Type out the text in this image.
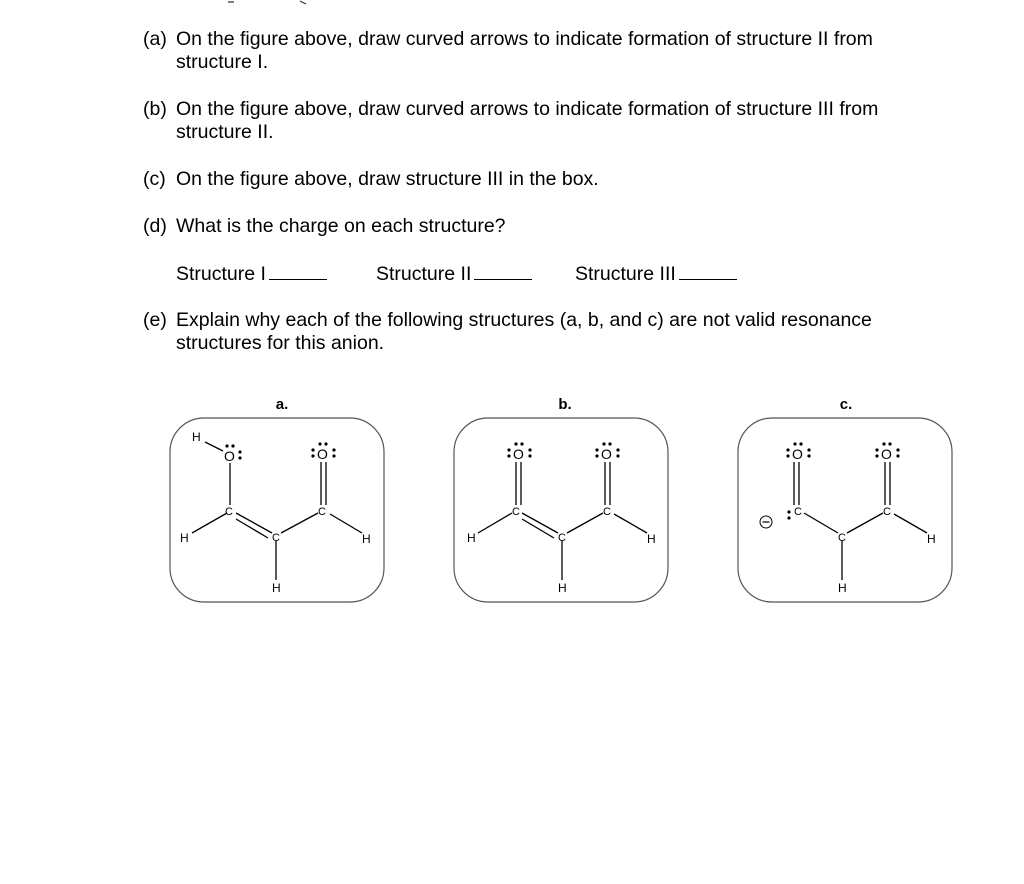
(a) On the figure above, draw curved arrows to indicate formation of structure II from structure I.
(b) On the figure above, draw curved arrows to indicate formation of structure III from structure II.
(c) On the figure above, draw structure III in the box.
(d) What is the charge on each structure?
Structure I	Structure II	Structure III
(e) Explain why each of the following structures (a, b, and c) are not valid resonance structures for this anion.
a.
H
O
C
H	C
H
C
O
H
b.
O
C
H	C
H
C
O
H
c.
O
C
C
H
C
O
H
